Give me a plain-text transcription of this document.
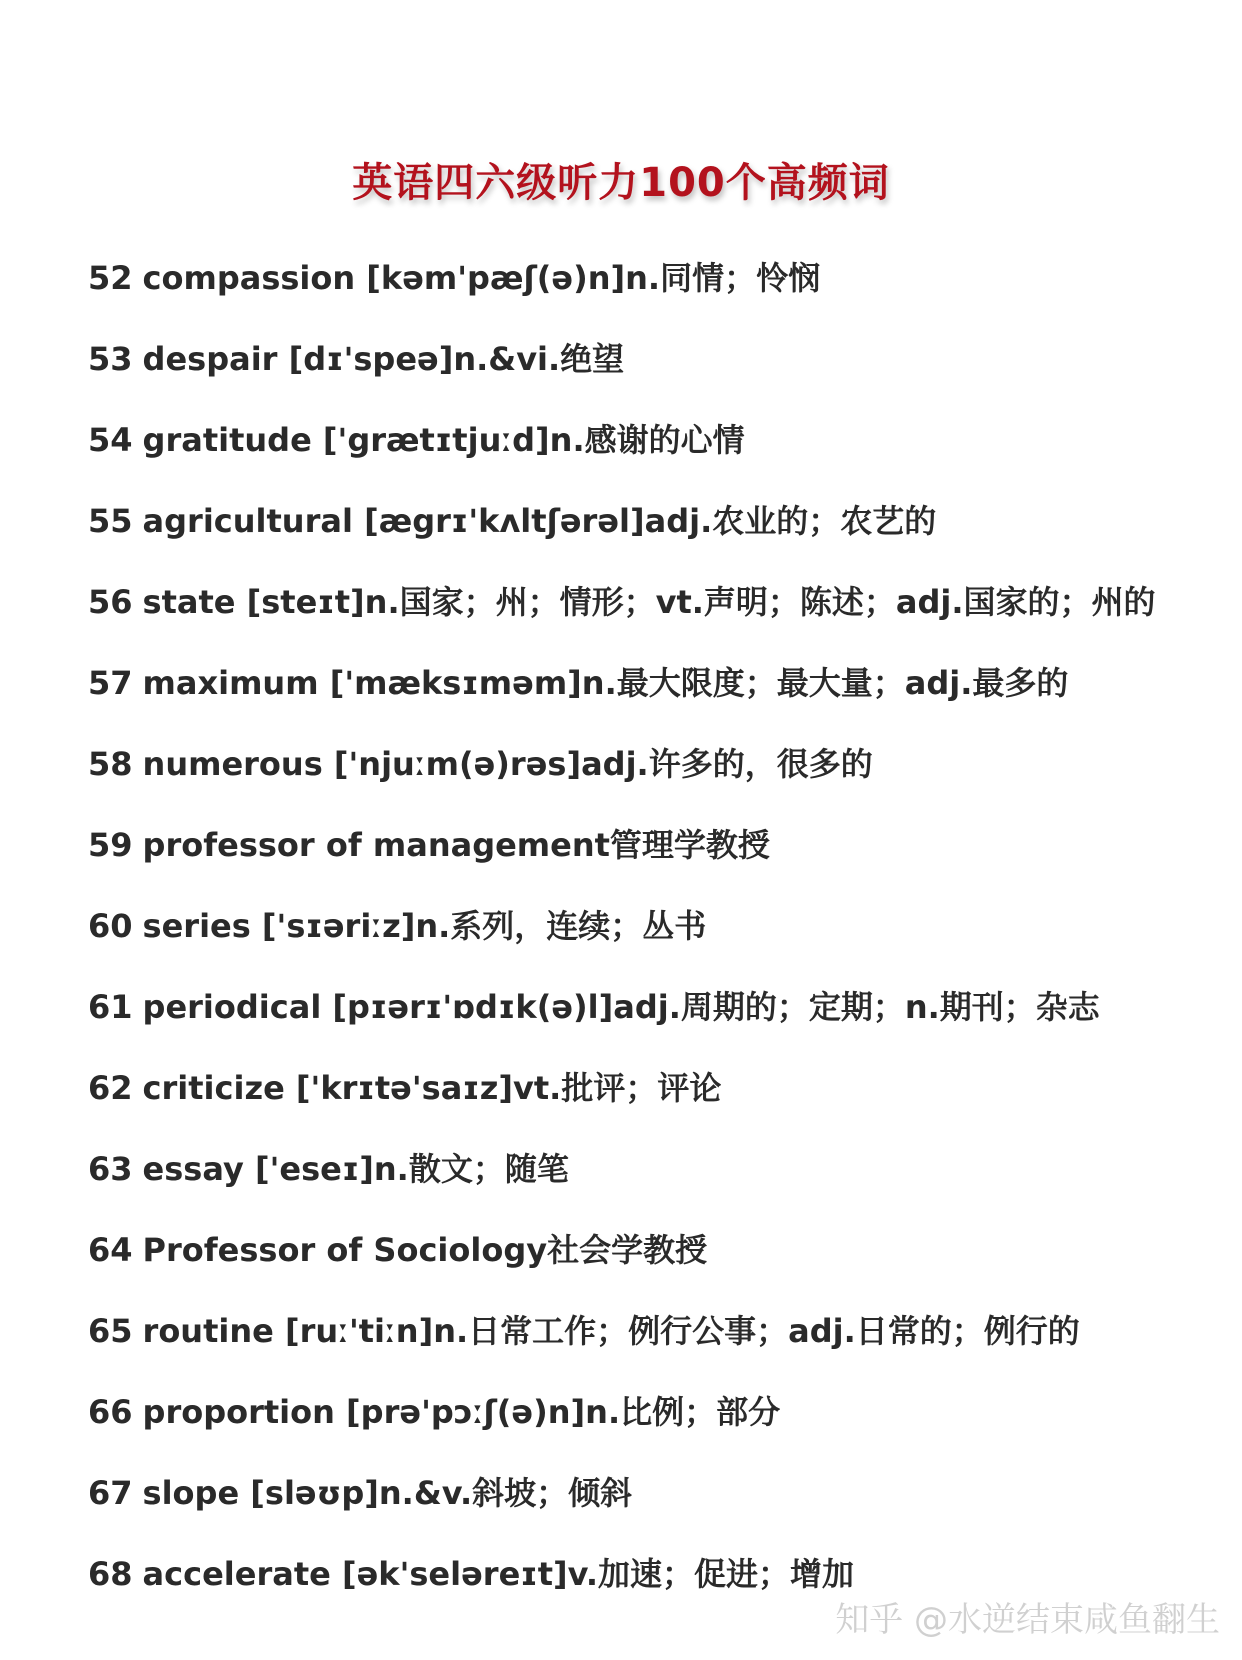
英语四六级听力100个高频词
52 compassion [kəm'pæʃ(ə)n]n.同情；怜悯
53 despair [dɪ'speə]n.&vi.绝望
54 gratitude ['grætɪtjuːd]n.感谢的心情
55 agricultural [ægrɪ'kʌltʃərəl]adj.农业的；农艺的
56 state [steɪt]n.国家；州；情形；vt.声明；陈述；adj.国家的；州的
57 maximum ['mæksɪməm]n.最大限度；最大量；adj.最多的
58 numerous ['njuːm(ə)rəs]adj.许多的，很多的
59 professor of management管理学教授
60 series ['sɪəriːz]n.系列，连续；丛书
61 periodical [pɪərɪ'ɒdɪk(ə)l]adj.周期的；定期；n.期刊；杂志
62 criticize ['krɪtə'saɪz]vt.批评；评论
63 essay ['eseɪ]n.散文；随笔
64 Professor of Sociology社会学教授
65 routine [ruː'tiːn]n.日常工作；例行公事；adj.日常的；例行的
66 proportion [prə'pɔːʃ(ə)n]n.比例；部分
67 slope [sləʊp]n.&v.斜坡；倾斜
68 accelerate [ək'seləreɪt]v.加速；促进；增加
知乎 @水逆结束咸鱼翻生
